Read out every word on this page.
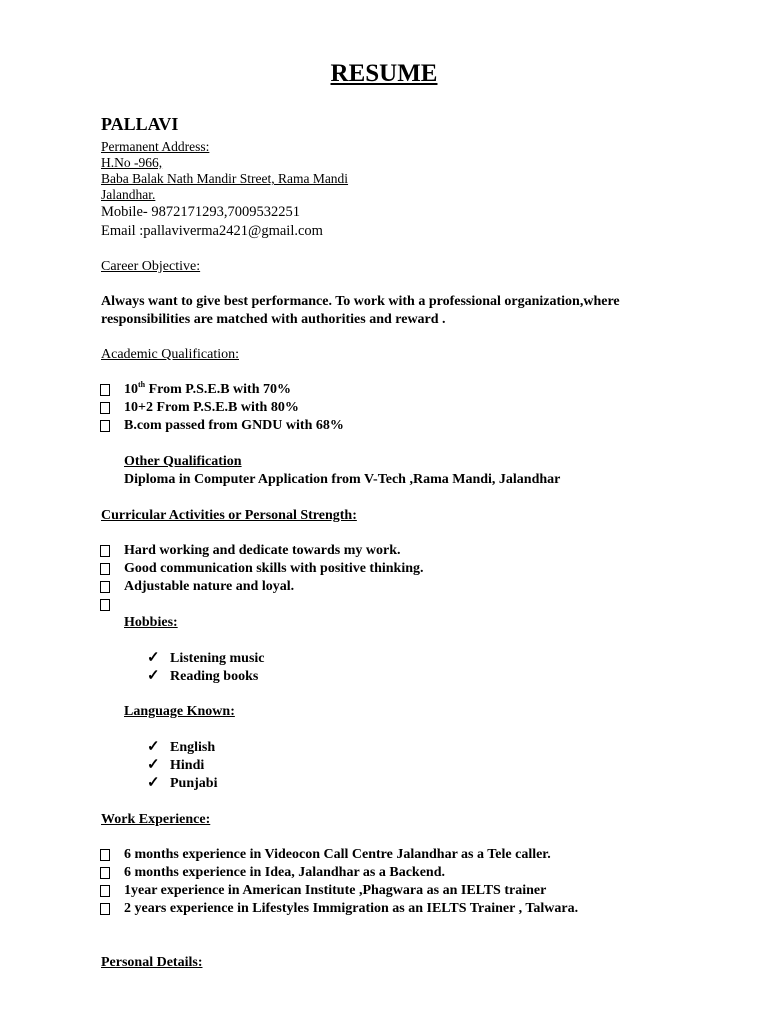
RESUME
PALLAVI
Permanent Address:
H.No -966,
Baba Balak Nath Mandir Street, Rama Mandi
Jalandhar.
Mobile- 9872171293,7009532251
Email :pallaviverma2421@gmail.com
Career Objective:
Always want to give best performance. To work with a professional organization,where
responsibilities are matched with authorities and reward .
Academic Qualification:
10th From P.S.E.B with 70%
10+2 From P.S.E.B with 80%
B.com passed from GNDU with 68%
Other Qualification
Diploma in Computer Application from V-Tech ,Rama Mandi, Jalandhar
Curricular Activities or Personal Strength:
Hard working and dedicate towards my work.
Good communication skills with positive thinking.
Adjustable nature and loyal.
Hobbies:
✓ Listening music
✓ Reading books
Language Known:
✓ English
✓ Hindi
✓ Punjabi
Work Experience:
6 months experience in Videocon Call Centre Jalandhar as a Tele caller.
6 months experience in Idea, Jalandhar as a Backend.
1year experience in American Institute ,Phagwara as an IELTS trainer
2 years experience in Lifestyles Immigration as an IELTS Trainer , Talwara.
Personal Details:
